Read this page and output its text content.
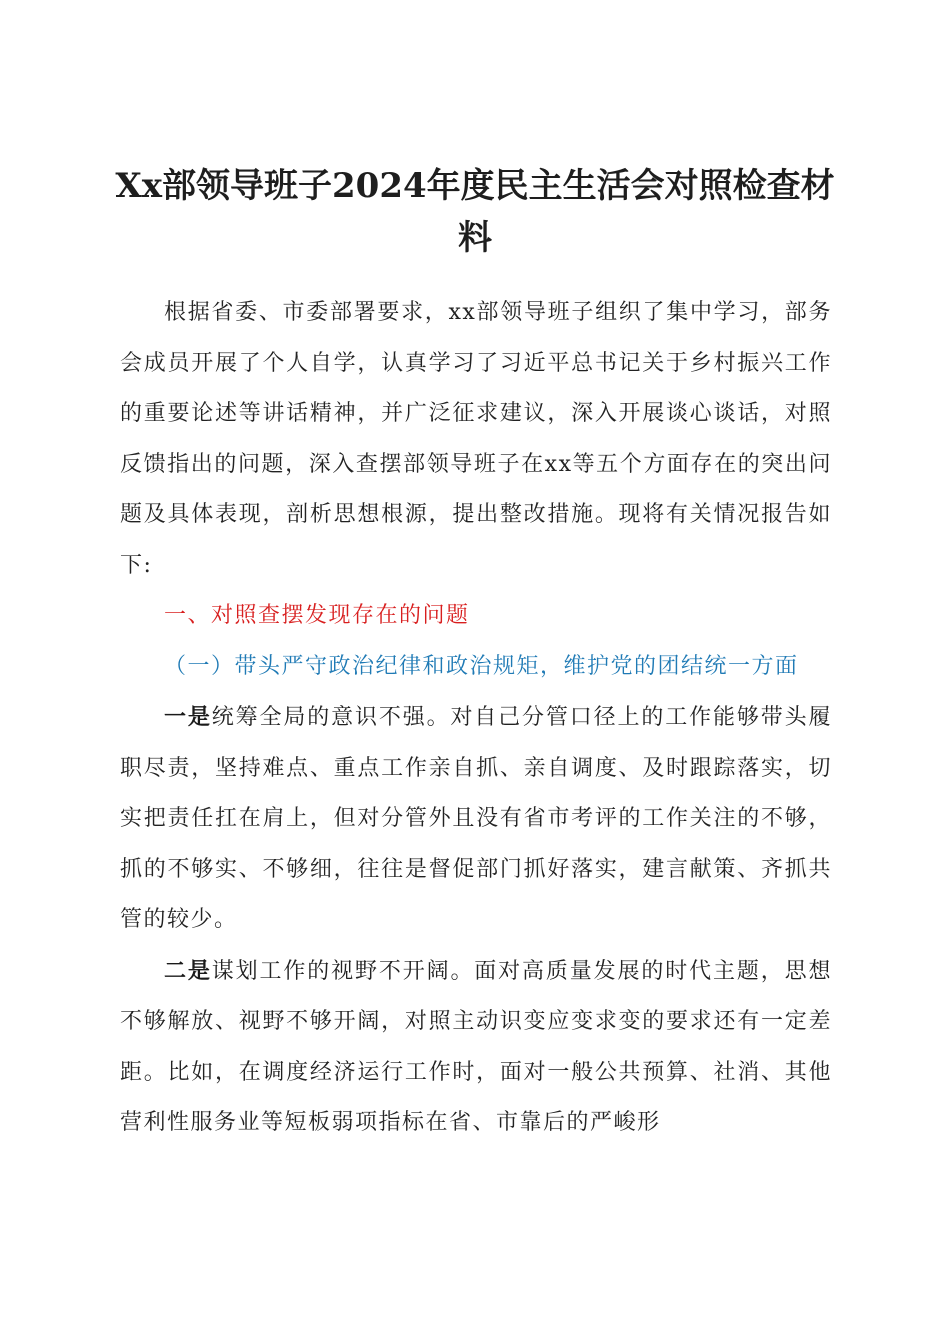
Xx部领导班子2024年度民主生活会对照检查材料

根据省委、市委部署要求，xx部领导班子组织了集中学习，部务会成员开展了个人自学，认真学习了习近平总书记关于乡村振兴工作的重要论述等讲话精神，并广泛征求建议，深入开展谈心谈话，对照反馈指出的问题，深入查摆部领导班子在xx等五个方面存在的突出问题及具体表现，剖析思想根源，提出整改措施。现将有关情况报告如下:

一、对照查摆发现存在的问题

（一）带头严守政治纪律和政治规矩，维护党的团结统一方面

一是统筹全局的意识不强。对自己分管口径上的工作能够带头履职尽责，坚持难点、重点工作亲自抓、亲自调度、及时跟踪落实，切实把责任扛在肩上，但对分管外且没有省市考评的工作关注的不够，抓的不够实、不够细，往往是督促部门抓好落实，建言献策、齐抓共管的较少。

二是谋划工作的视野不开阔。面对高质量发展的时代主题，思想不够解放、视野不够开阔，对照主动识变应变求变的要求还有一定差距。比如，在调度经济运行工作时，面对一般公共预算、社消、其他营利性服务业等短板弱项指标在省、市靠后的严峻形
